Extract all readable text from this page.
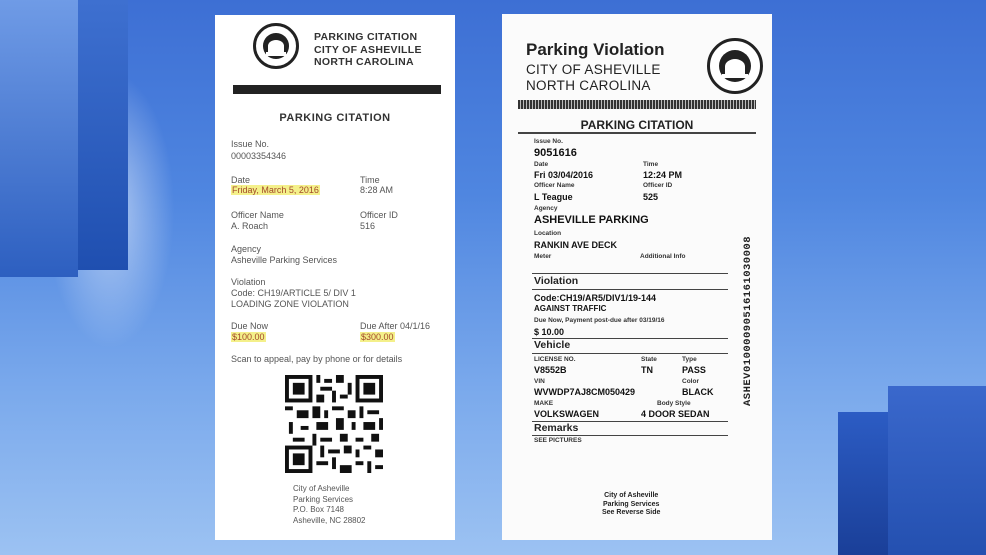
PARKING CITATION
CITY OF ASHEVILLE
NORTH CAROLINA
PARKING CITATION
Issue No.
00003354346
Date
Friday, March 5, 2016
Time
8:28 AM
Officer Name
A. Roach
Officer ID
516
Agency
Asheville Parking Services
Violation
Code: CH19/ARTICLE 5/ DIV 1
LOADING ZONE VIOLATION
Due Now
$100.00
Due After 04/1/16
$300.00
Scan to appeal, pay by phone or for details
City of Asheville
Parking Services
P.O. Box 7148
Asheville, NC 28802
Parking Violation
CITY OF ASHEVILLE
NORTH CAROLINA
PARKING CITATION
Issue No.
9051616
Date
Fri 03/04/2016
Time
12:24 PM
Officer Name
L Teague
Officer ID
525
Agency
ASHEVILLE PARKING
Location
RANKIN AVE DECK
Meter	Additional Info
Violation
Code:CH19/AR5/DIV1/19-144
AGAINST TRAFFIC
Due Now, Payment post-due after 03/19/16
$ 10.00
Vehicle
LICENSE NO.
V8552B
State
TN
Type
PASS
VIN
WVWDP7AJ8CM050429
Color
BLACK
MAKE
VOLKSWAGEN
Body Style
4 DOOR SEDAN
Remarks
SEE PICTURES
ASHEV01000090516161030008
City of Asheville
Parking Services
See Reverse Side
